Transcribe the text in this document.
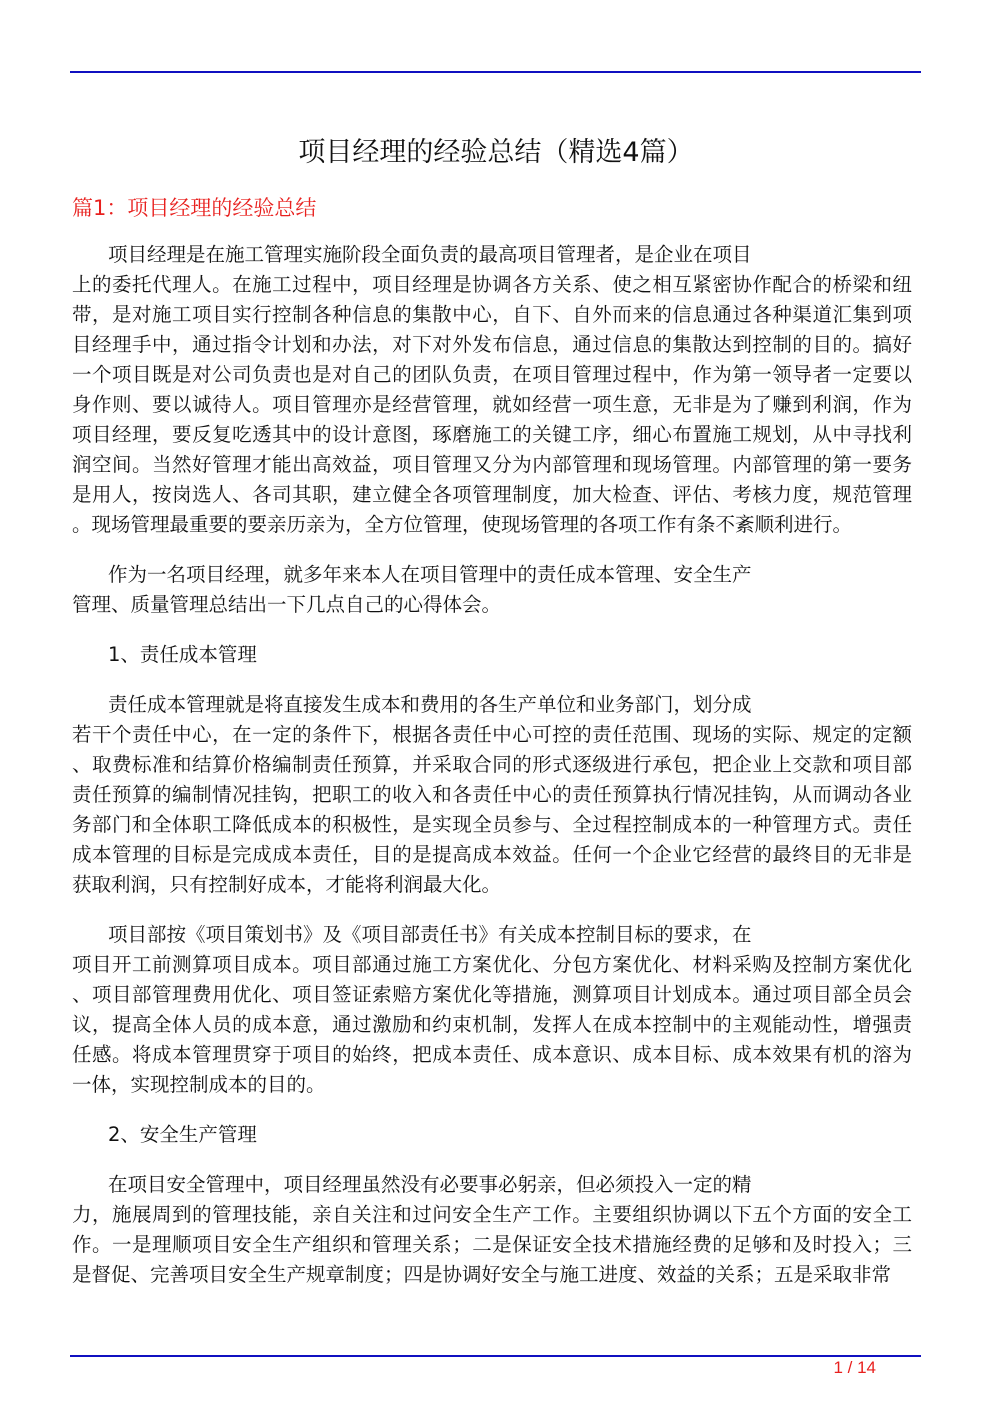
项目经理的经验总结（精选4篇）
篇1：项目经理的经验总结
项目经理是在施工管理实施阶段全面负责的最高项目管理者，是企业在项目
上的委托代理人。在施工过程中，项目经理是协调各方关系、使之相互紧密协作配合的桥梁和纽
带，是对施工项目实行控制各种信息的集散中心，自下、自外而来的信息通过各种渠道汇集到项
目经理手中，通过指令计划和办法，对下对外发布信息，通过信息的集散达到控制的目的。搞好
一个项目既是对公司负责也是对自己的团队负责，在项目管理过程中，作为第一领导者一定要以
身作则、要以诚待人。项目管理亦是经营管理，就如经营一项生意，无非是为了赚到利润，作为
项目经理，要反复吃透其中的设计意图，琢磨施工的关键工序，细心布置施工规划，从中寻找利
润空间。当然好管理才能出高效益，项目管理又分为内部管理和现场管理。内部管理的第一要务
是用人，按岗选人、各司其职，建立健全各项管理制度，加大检查、评估、考核力度，规范管理
。现场管理最重要的要亲历亲为，全方位管理，使现场管理的各项工作有条不紊顺利进行。
作为一名项目经理，就多年来本人在项目管理中的责任成本管理、安全生产
管理、质量管理总结出一下几点自己的心得体会。
1、责任成本管理
责任成本管理就是将直接发生成本和费用的各生产单位和业务部门，划分成
若干个责任中心，在一定的条件下，根据各责任中心可控的责任范围、现场的实际、规定的定额
、取费标准和结算价格编制责任预算，并采取合同的形式逐级进行承包，把企业上交款和项目部
责任预算的编制情况挂钩，把职工的收入和各责任中心的责任预算执行情况挂钩，从而调动各业
务部门和全体职工降低成本的积极性，是实现全员参与、全过程控制成本的一种管理方式。责任
成本管理的目标是完成成本责任，目的是提高成本效益。任何一个企业它经营的最终目的无非是
获取利润，只有控制好成本，才能将利润最大化。
项目部按《项目策划书》及《项目部责任书》有关成本控制目标的要求，在
项目开工前测算项目成本。项目部通过施工方案优化、分包方案优化、材料采购及控制方案优化
、项目部管理费用优化、项目签证索赔方案优化等措施，测算项目计划成本。通过项目部全员会
议，提高全体人员的成本意，通过激励和约束机制，发挥人在成本控制中的主观能动性，增强责
任感。将成本管理贯穿于项目的始终，把成本责任、成本意识、成本目标、成本效果有机的溶为
一体，实现控制成本的目的。
2、安全生产管理
在项目安全管理中，项目经理虽然没有必要事必躬亲，但必须投入一定的精
力，施展周到的管理技能，亲自关注和过问安全生产工作。主要组织协调以下五个方面的安全工
作。一是理顺项目安全生产组织和管理关系；二是保证安全技术措施经费的足够和及时投入；三
是督促、完善项目安全生产规章制度；四是协调好安全与施工进度、效益的关系；五是采取非常
1 / 14
